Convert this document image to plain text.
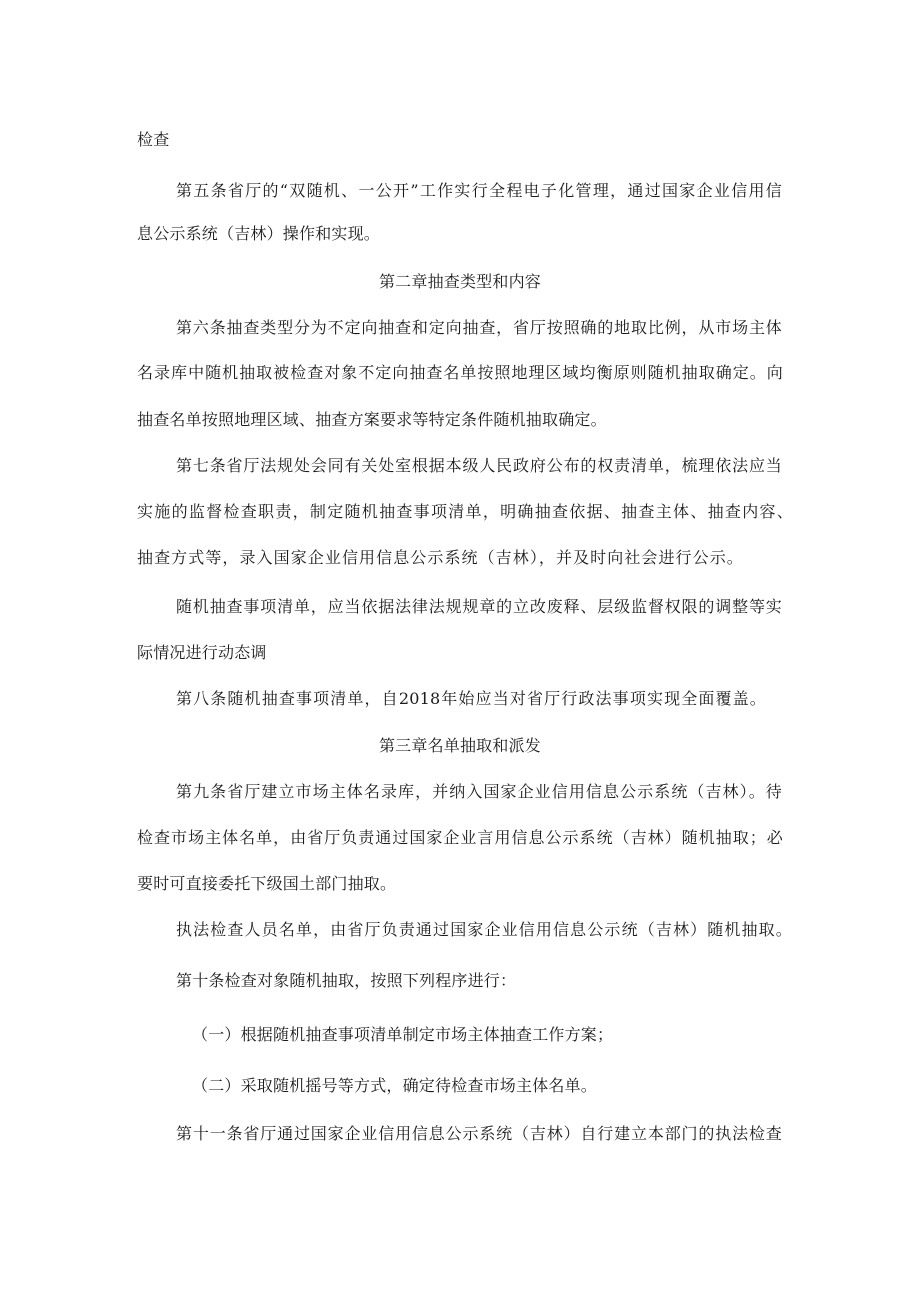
检查
第五条省厅的“双随机、一公开”工作实行全程电子化管理，通过国家企业信用信
息公示系统（吉林）操作和实现。
第二章抽查类型和内容
第六条抽查类型分为不定向抽查和定向抽查，省厅按照确的地取比例，从市场主体
名录库中随机抽取被检查对象不定向抽查名单按照地理区域均衡原则随机抽取确定。向
抽查名单按照地理区域、抽查方案要求等特定条件随机抽取确定。
第七条省厅法规处会同有关处室根据本级人民政府公布的权责清单，梳理依法应当
实施的监督检查职责，制定随机抽查事项清单，明确抽查依据、抽查主体、抽查内容、
抽查方式等，录入国家企业信用信息公示系统（吉林），并及时向社会进行公示。
随机抽查事项清单，应当依据法律法规规章的立改废释、层级监督权限的调整等实
际情况进行动态调
第八条随机抽查事项清单，自2018年始应当对省厅行政法事项实现全面覆盖。
第三章名单抽取和派发
第九条省厅建立市场主体名录库，并纳入国家企业信用信息公示系统（吉林）。待
检查市场主体名单，由省厅负责通过国家企业言用信息公示系统（吉林）随机抽取；必
要时可直接委托下级国土部门抽取。
执法检查人员名单，由省厅负责通过国家企业信用信息公示统（吉林）随机抽取。
第十条检查对象随机抽取，按照下列程序进行：
（一）根据随机抽查事项清单制定市场主体抽查工作方案；
（二）采取随机摇号等方式，确定待检查市场主体名单。
第十一条省厅通过国家企业信用信息公示系统（吉林）自行建立本部门的执法检查
